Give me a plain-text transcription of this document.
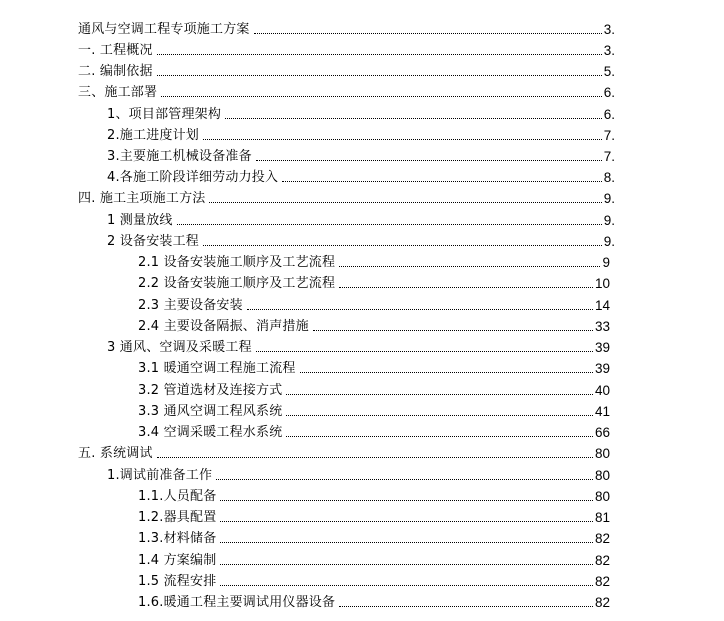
通风与空调工程专项施工方案	3.
一. 工程概况	3.
二. 编制依据	5.
三、施工部署	6.
1、项目部管理架构	6.
2.施工进度计划	7.
3.主要施工机械设备准备	7.
4.各施工阶段详细劳动力投入	8.
四. 施工主项施工方法	9.
1 测量放线	9.
2 设备安装工程	9.
2.1 设备安装施工顺序及工艺流程	9
2.2 设备安装施工顺序及工艺流程	10
2.3 主要设备安装	14
2.4 主要设备隔振、消声措施	33
3 通风、空调及采暖工程	39
3.1 暖通空调工程施工流程	39
3.2 管道选材及连接方式	40
3.3 通风空调工程风系统	41
3.4 空调采暖工程水系统	66
五. 系统调试	80
1.调试前准备工作	80
1.1.人员配备	80
1.2.器具配置	81
1.3.材料储备	82
1.4 方案编制	82
1.5 流程安排	82
1.6.暖通工程主要调试用仪器设备	82
